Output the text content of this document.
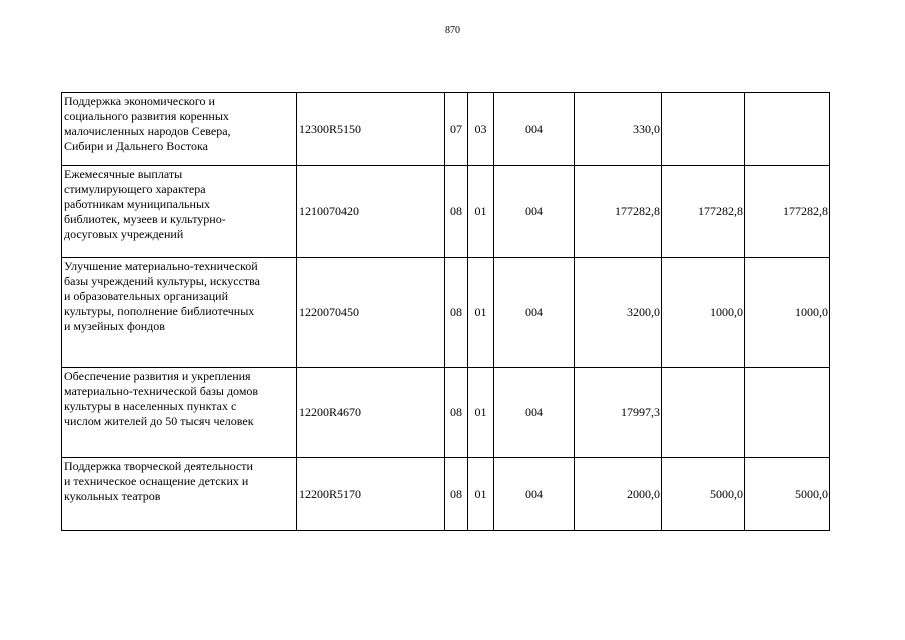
870
Поддержка экономического и
социального развития коренных
малочисленных народов Севера,
Сибири и Дальнего Востока	12300R5150	07	03	004	330,0		
Ежемесячные выплаты
стимулирующего характера
работникам муниципальных
библиотек, музеев и культурно-
досуговых учреждений	1210070420	08	01	004	177282,8	177282,8	177282,8
Улучшение материально-технической
базы учреждений культуры, искусства
и образовательных организаций
культуры, пополнение библиотечных
и музейных фондов	1220070450	08	01	004	3200,0	1000,0	1000,0
Обеспечение развития и укрепления
материально-технической базы домов
культуры в населенных пунктах с
числом жителей до 50 тысяч человек	12200R4670	08	01	004	17997,3		
Поддержка творческой деятельности
и техническое оснащение детских и
кукольных театров	12200R5170	08	01	004	2000,0	5000,0	5000,0
